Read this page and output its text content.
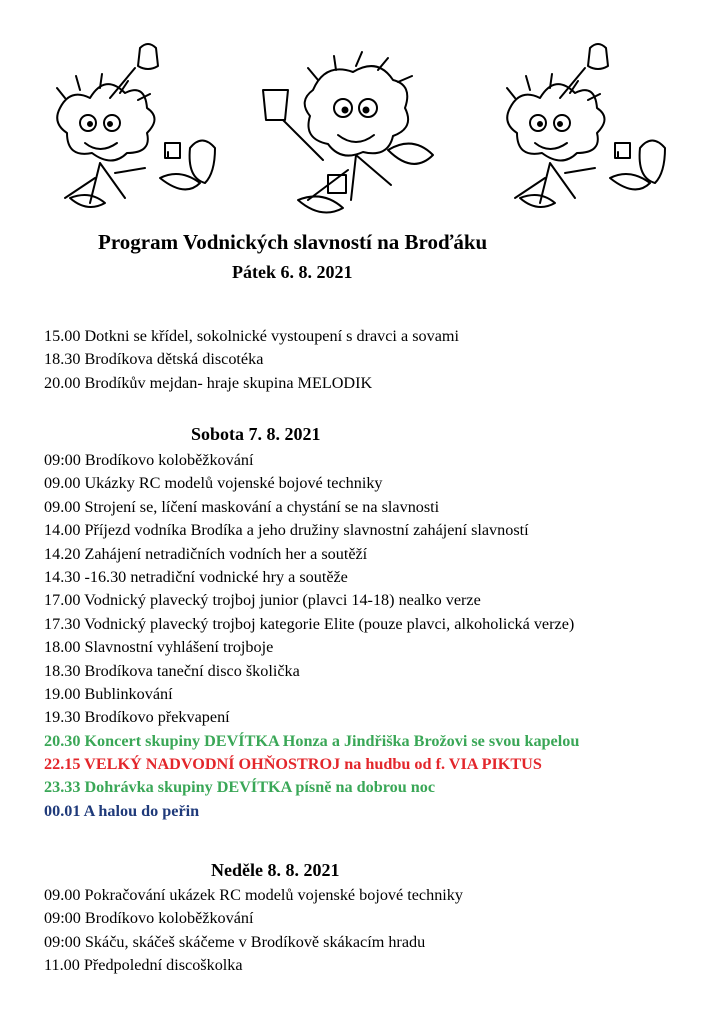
Program Vodnických slavností na Broďáku
Pátek 6. 8. 2021
15.00 Dotkni se křídel, sokolnické vystoupení s dravci a sovami
18.30 Brodíkova dětská discotéka
20.00 Brodíkův mejdan- hraje skupina MELODIK
Sobota 7. 8. 2021
09:00 Brodíkovo koloběžkování
09.00 Ukázky RC modelů vojenské bojové techniky
09.00 Strojení se, líčení maskování a chystání se na slavnosti
14.00 Příjezd vodníka Brodíka a jeho družiny slavnostní zahájení slavností
14.20 Zahájení netradičních vodních her a soutěží
14.30 -16.30 netradiční vodnické hry a soutěže
17.00 Vodnický plavecký trojboj junior (plavci 14-18) nealko verze
17.30 Vodnický plavecký trojboj kategorie Elite (pouze plavci, alkoholická verze)
18.00 Slavnostní vyhlášení trojboje
18.30 Brodíkova taneční disco školička
19.00 Bublinkování
19.30 Brodíkovo překvapení
20.30 Koncert skupiny DEVÍTKA Honza a Jindřiška Brožovi se svou kapelou
22.15 VELKÝ NADVODNÍ OHŇOSTROJ na hudbu od f. VIA PIKTUS
23.33 Dohrávka skupiny DEVÍTKA písně na dobrou noc
00.01 A halou do peřin
Neděle 8. 8. 2021
09.00 Pokračování ukázek RC modelů vojenské bojové techniky
09:00 Brodíkovo koloběžkování
09:00 Skáču, skáčeš skáčeme v Brodíkově skákacím hradu
11.00 Předpolední discoškolka
